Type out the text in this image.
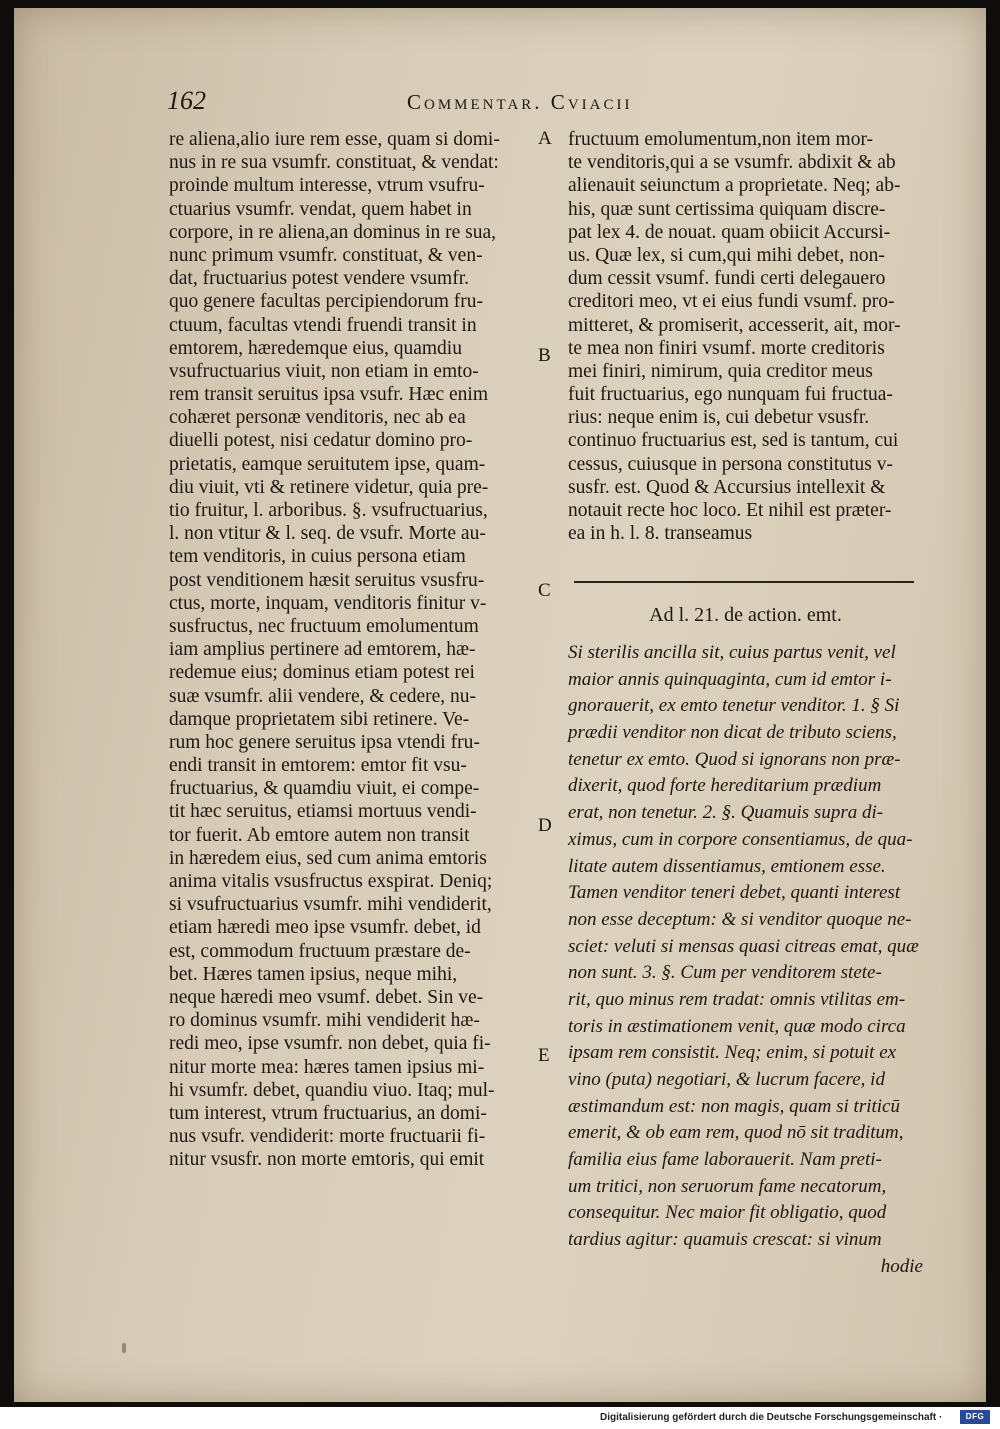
162	Commentar. Cviacii
re aliena,alio iure rem esse, quam si domi-
nus in re sua vsumfr. constituat, & vendat:
proinde multum interesse, vtrum vsufru-
ctuarius vsumfr. vendat, quem habet in
corpore, in re aliena,an dominus in re sua,
nunc primum vsumfr. constituat, & ven-
dat, fructuarius potest vendere vsumfr.
quo genere facultas percipiendorum fru-
ctuum, facultas vtendi fruendi transit in
emtorem, hæredemque eius, quamdiu
vsufructuarius viuit, non etiam in emto-
rem transit seruitus ipsa vsufr. Hæc enim
cohæret personæ venditoris, nec ab ea
diuelli potest, nisi cedatur domino pro-
prietatis, eamque seruitutem ipse, quam-
diu viuit, vti & retinere videtur, quia pre-
tio fruitur, l. arboribus. §. vsufructuarius,
l. non vtitur & l. seq. de vsufr. Morte au-
tem venditoris, in cuius persona etiam
post venditionem hæsit seruitus vsusfru-
ctus, morte, inquam, venditoris finitur v-
susfructus, nec fructuum emolumentum
iam amplius pertinere ad emtorem, hæ-
redemue eius; dominus etiam potest rei
suæ vsumfr. alii vendere, & cedere, nu-
damque proprietatem sibi retinere. Ve-
rum hoc genere seruitus ipsa vtendi fru-
endi transit in emtorem: emtor fit vsu-
fructuarius, & quamdiu viuit, ei compe-
tit hæc seruitus, etiamsi mortuus vendi-
tor fuerit. Ab emtore autem non transit
in hæredem eius, sed cum anima emtoris
anima vitalis vsusfructus exspirat. Deniq;
si vsufructuarius vsumfr. mihi vendiderit,
etiam hæredi meo ipse vsumfr. debet, id
est, commodum fructuum præstare de-
bet. Hæres tamen ipsius, neque mihi,
neque hæredi meo vsumf. debet. Sin ve-
ro dominus vsumfr. mihi vendiderit hæ-
redi meo, ipse vsumfr. non debet, quia fi-
nitur morte mea: hæres tamen ipsius mi-
hi vsumfr. debet, quandiu viuo. Itaq; mul-
tum interest, vtrum fructuarius, an domi-
nus vsufr. vendiderit: morte fructuarii fi-
nitur vsusfr. non morte emtoris, qui emit
fructuum emolumentum,non item mor-
te venditoris,qui a se vsumfr. abdixit & ab
alienauit seiunctum a proprietate. Neq; ab-
his, quæ sunt certissima quiquam discre-
pat lex 4. de nouat. quam obiicit Accursi-
us. Quæ lex, si cum,qui mihi debet, non-
dum cessit vsumf. fundi certi delegauero
creditori meo, vt ei eius fundi vsumf. pro-
mitteret, & promiserit, accesserit, ait, mor-
te mea non finiri vsumf. morte creditoris
mei finiri, nimirum, quia creditor meus
fuit fructuarius, ego nunquam fui fructua-
rius: neque enim is, cui debetur vsusfr.
continuo fructuarius est, sed is tantum, cui
cessus, cuiusque in persona constitutus v-
susfr. est. Quod & Accursius intellexit &
notauit recte hoc loco. Et nihil est præter-
ea in h. l. 8. transeamus
A
B
C
D
E
Ad l. 21. de action. emt.
Si sterilis ancilla sit, cuius partus venit, vel
maior annis quinquaginta, cum id emtor i-
gnorauerit, ex emto tenetur venditor. 1. § Si
prædii venditor non dicat de tributo sciens,
tenetur ex emto. Quod si ignorans non præ-
dixerit, quod forte hereditarium prædium
erat, non tenetur. 2. §. Quamuis supra di-
ximus, cum in corpore consentiamus, de qua-
litate autem dissentiamus, emtionem esse.
Tamen venditor teneri debet, quanti interest
non esse deceptum: & si venditor quoque ne-
sciet: veluti si mensas quasi citreas emat, quæ
non sunt. 3. §. Cum per venditorem stete-
rit, quo minus rem tradat: omnis vtilitas em-
toris in æstimationem venit, quæ modo circa
ipsam rem consistit. Neq; enim, si potuit ex
vino (puta) negotiari, & lucrum facere, id
æstimandum est: non magis, quam si triticū
emerit, & ob eam rem, quod nō sit traditum,
familia eius fame laborauerit. Nam preti-
um tritici, non seruorum fame necatorum,
consequitur. Nec maior fit obligatio, quod
tardius agitur: quamuis crescat: si vinum
hodie
Digitalisierung gefördert durch die Deutsche Forschungsgemeinschaft ·	DFG
